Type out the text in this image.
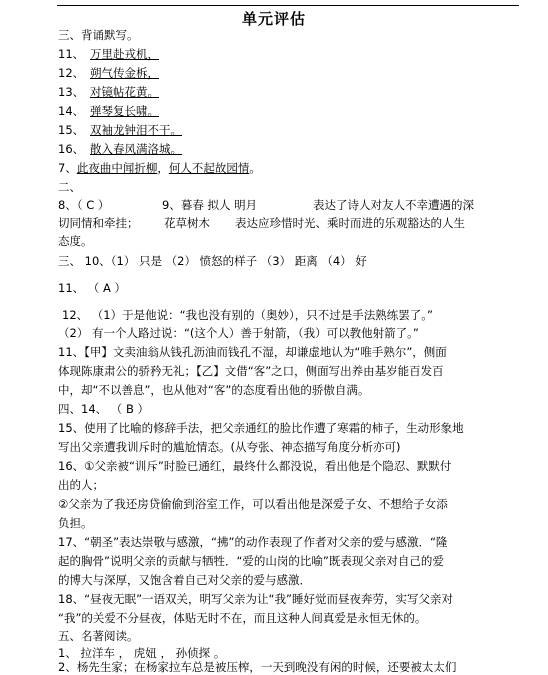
单元评估
三、背诵默写。
11、 万里赴戎机，
12、 朔气传金柝，
13、 对镜帖花黄。
14、 弹琴复长啸。
15、 双袖龙钟泪不干。
16、 散入春风满洛城。
7、此夜曲中闻折柳，何人不起故园情。
二、
8、（ C ）	9、暮春 拟人 明月	表达了诗人对友人不幸遭遇的深
切同情和牵挂； 花草树木 表达应珍惜时光、乘时而进的乐观豁达的人生
态度。
三、 10、（1） 只是 （2） 愤怒的样子 （3） 距离 （4） 好
11、 （ A ）
12、 （1）于是他说：“我也没有别的（奥妙），只不过是手法熟练罢了。”
（2） 有一个人路过说：“(这个人）善于射箭，（我）可以教他射箭了。”
11、【甲】文卖油翁从钱孔沥油而钱孔不湿，却谦虚地认为“唯手熟尔”，侧面
体现陈康肃公的骄矜无礼；【乙】文借“客”之口，侧面写出养由基岁能百发百
中，却“不以善息”，也从他对“客”的态度看出他的骄傲自满。
四、14、 （ B ）
15、使用了比喻的修辞手法，把父亲通红的脸比作遭了寒霜的柿子，生动形象地
写出父亲遭我训斥时的尴尬情态。(从夸张、神态描写角度分析亦可)
16、①父亲被“训斥”时脸已通红，最终什么都没说，看出他是个隐忍、默默付
出的人；
②父亲为了我还房贷偷偷到浴室工作，可以看出他是深爱子女、不想给子女添
负担。
17、“朝圣”表达崇敬与感激，“拂”的动作表现了作者对父亲的爱与感激．“隆
起的胸骨”说明父亲的贡献与牺牲．“爱的山岗的比喻”既表现父亲对自己的爱
的博大与深厚，又饱含着自己对父亲的爱与感激．
18、“昼夜无眠”一语双关，明写父亲为让“我”睡好觉而昼夜奔劳，实写父亲对
“我”的关爱不分昼夜，体贴无时不在，而且这种人间真爱是永恒无休的。
五、名著阅读。
1、 拉洋车 ， 虎妞 ， 孙侦探 。
2、杨先生家；在杨家拉车总是被压榨，一天到晚没有闲的时候，还要被太太们
